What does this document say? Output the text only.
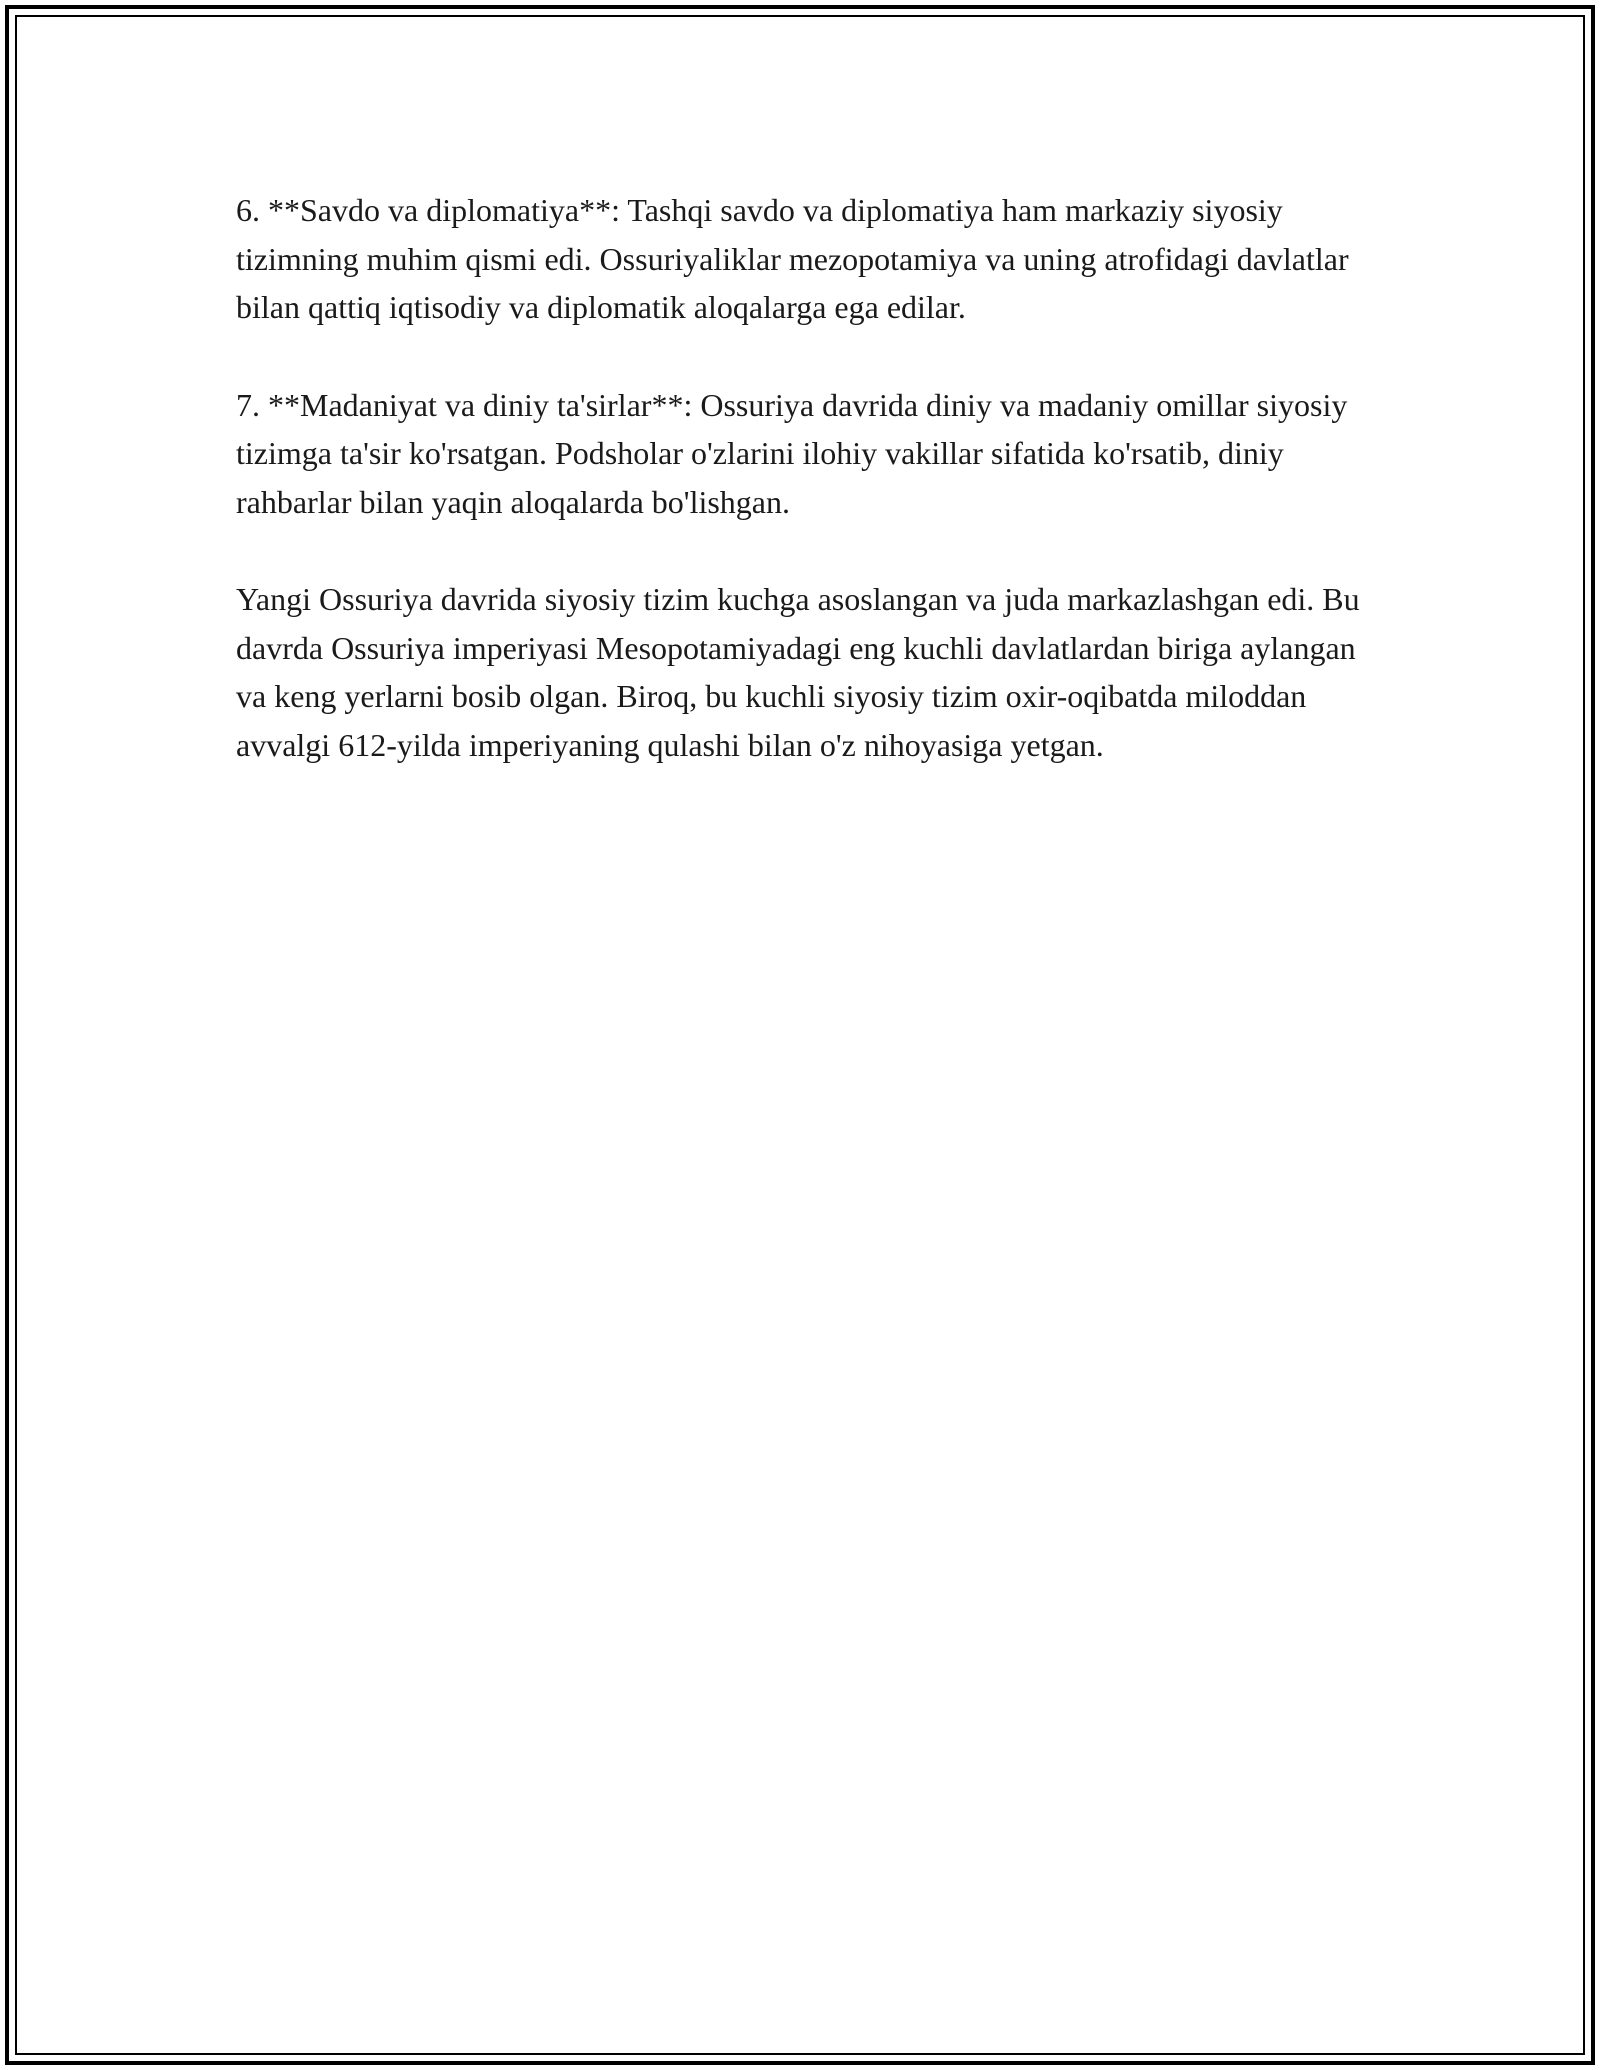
6. **Savdo va diplomatiya**: Tashqi savdo va diplomatiya ham markaziy siyosiy tizimning muhim qismi edi. Ossuriyaliklar mezopotamiya va uning atrofidagi davlatlar bilan qattiq iqtisodiy va diplomatik aloqalarga ega edilar.

7. **Madaniyat va diniy ta'sirlar**: Ossuriya davrida diniy va madaniy omillar siyosiy tizimga ta'sir ko'rsatgan. Podsholar o'zlarini ilohiy vakillar sifatida ko'rsatib, diniy rahbarlar bilan yaqin aloqalarda bo'lishgan.

Yangi Ossuriya davrida siyosiy tizim kuchga asoslangan va juda markazlashgan edi. Bu davrda Ossuriya imperiyasi Mesopotamiyadagi eng kuchli davlatlardan biriga aylangan va keng yerlarni bosib olgan. Biroq, bu kuchli siyosiy tizim oxir-oqibatda miloddan avvalgi 612-yilda imperiyaning qulashi bilan o'z nihoyasiga yetgan.
